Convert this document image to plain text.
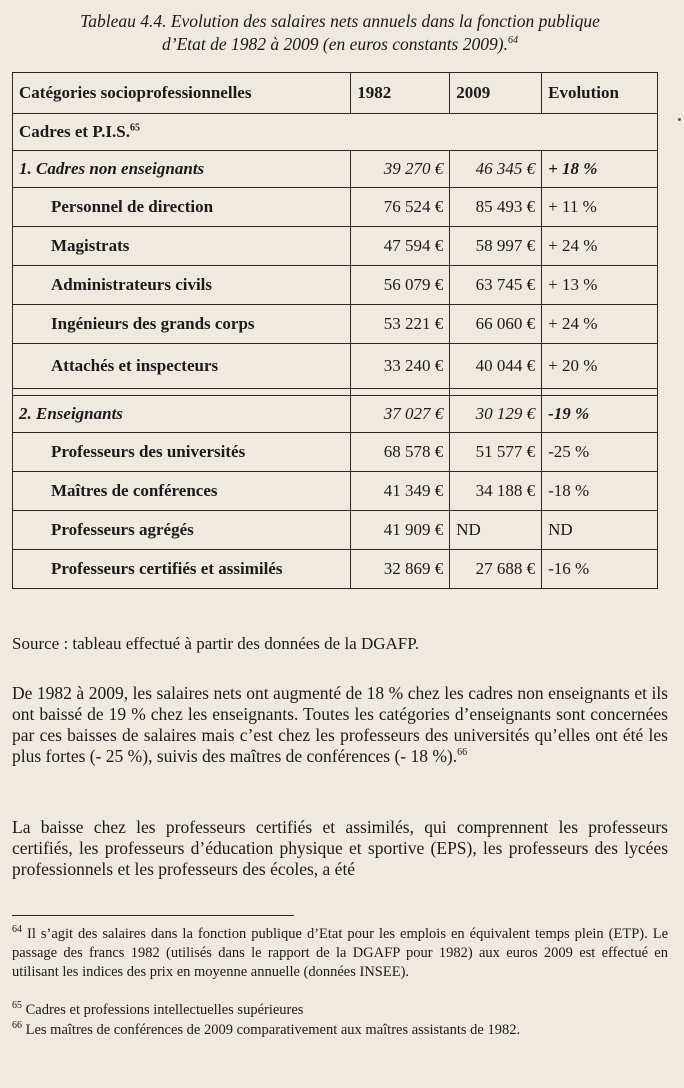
Tableau 4.4. Evolution des salaires nets annuels dans la fonction publique
d’Etat de 1982 à 2009 (en euros constants 2009).$^{64}$
Catégories socioprofessionnelles	1982	2009	Evolution
Cadres et P.I.S.$^{65}$
1. Cadres non enseignants	39 270 €	46 345 €	+ 18 %
Personnel de direction	76 524 €	85 493 €	+ 11 %
Magistrats	47 594 €	58 997 €	+ 24 %
Administrateurs civils	56 079 €	63 745 €	+ 13 %
Ingénieurs des grands corps	53 221 €	66 060 €	+ 24 %
Attachés et inspecteurs	33 240 €	40 044 €	+ 20 %

2. Enseignants	37 027 €	30 129 €	-19 %
Professeurs des universités	68 578 €	51 577 €	-25 %
Maîtres de conférences	41 349 €	34 188 €	-18 %
Professeurs agrégés	41 909 €	ND	ND
Professeurs certifiés et assimilés	32 869 €	27 688 €	-16 %
Source : tableau effectué à partir des données de la DGAFP.
De 1982 à 2009, les salaires nets ont augmenté de 18 % chez les cadres non enseignants et ils ont baissé de 19 % chez les enseignants. Toutes les catégories d’enseignants sont concernées par ces baisses de salaires mais c’est chez les professeurs des universités qu’elles ont été les plus fortes (- 25 %), suivis des maîtres de conférences (- 18 %).$^{66}$
La baisse chez les professeurs certifiés et assimilés, qui comprennent les professeurs certifiés, les professeurs d’éducation physique et sportive (EPS), les professeurs des lycées professionnels et les professeurs des écoles, a été
$^{64}$ Il s’agit des salaires dans la fonction publique d’Etat pour les emplois en équivalent temps plein (ETP). Le passage des francs 1982 (utilisés dans le rapport de la DGAFP pour 1982) aux euros 2009 est effectué en utilisant les indices des prix en moyenne annuelle (données INSEE).
$^{65}$ Cadres et professions intellectuelles supérieures
$^{66}$ Les maîtres de conférences de 2009 comparativement aux maîtres assistants de 1982.
